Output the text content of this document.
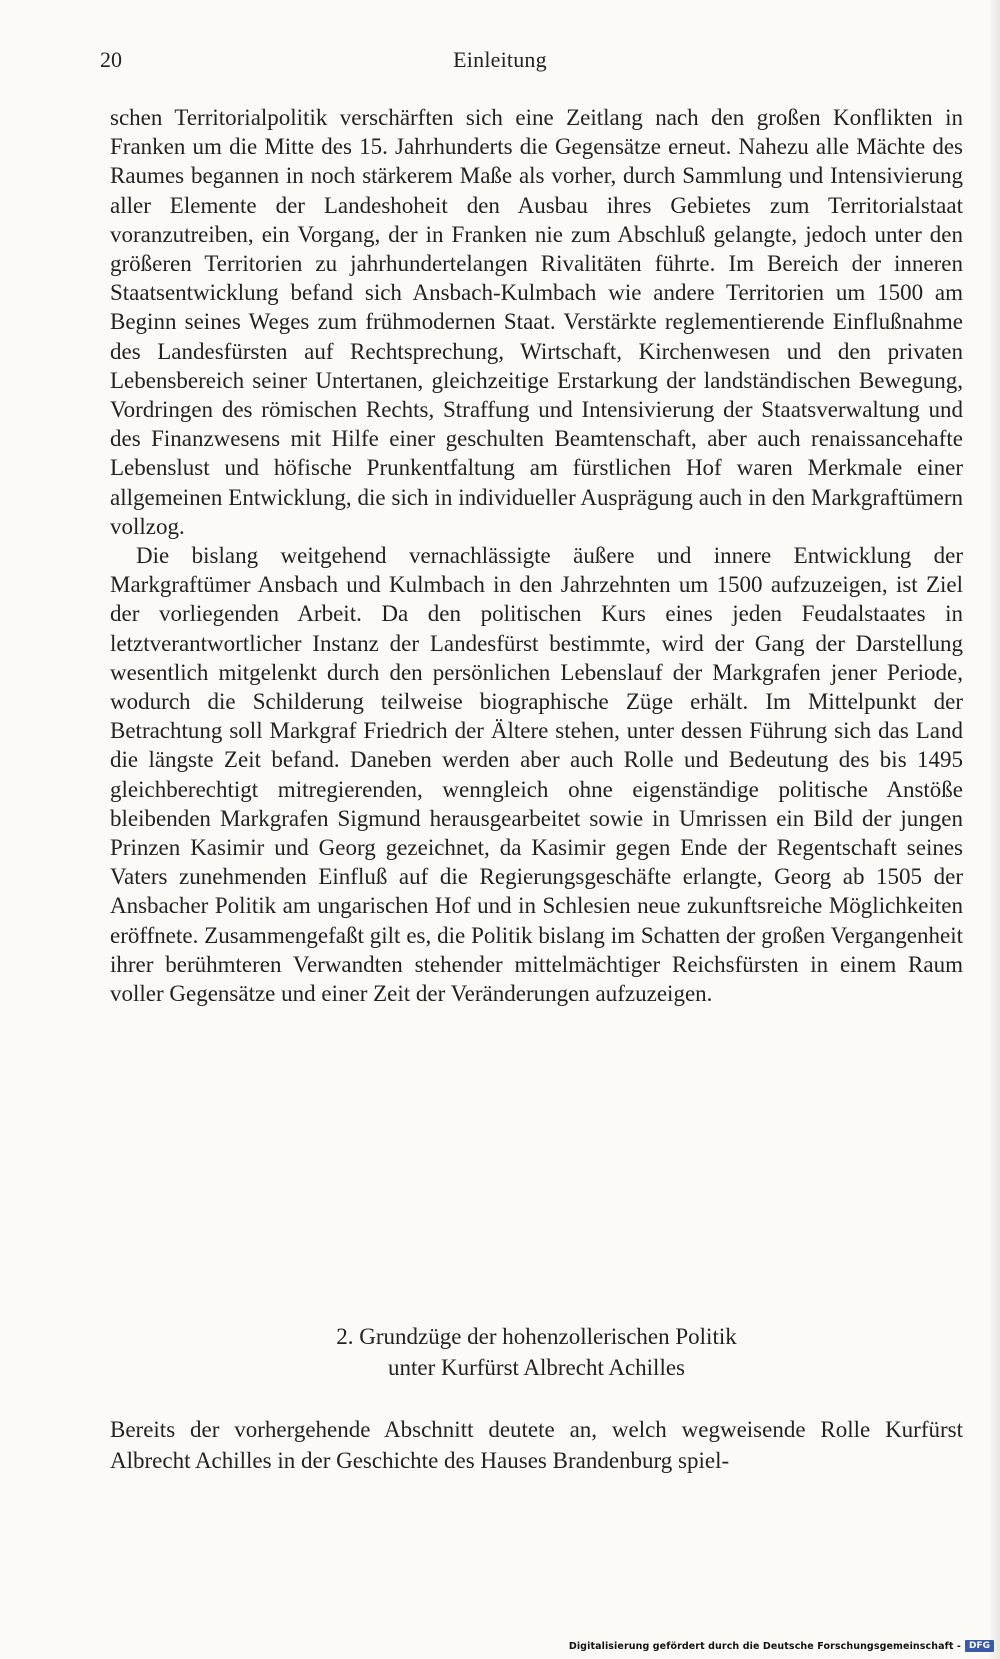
20	Einleitung

schen Territorialpolitik verschärften sich eine Zeitlang nach den großen Konflikten in Franken um die Mitte des 15. Jahrhunderts die Gegensätze erneut. Nahezu alle Mächte des Raumes begannen in noch stärkerem Maße als vorher, durch Sammlung und Intensivierung aller Elemente der Landeshoheit den Ausbau ihres Gebietes zum Territorialstaat voranzutreiben, ein Vorgang, der in Franken nie zum Abschluß gelangte, jedoch unter den größeren Territorien zu jahrhundertelangen Rivalitäten führte. Im Bereich der inneren Staatsentwicklung befand sich Ansbach-Kulmbach wie andere Territorien um 1500 am Beginn seines Weges zum frühmodernen Staat. Verstärkte reglementierende Einflußnahme des Landesfürsten auf Rechtsprechung, Wirtschaft, Kirchenwesen und den privaten Lebensbereich seiner Untertanen, gleichzeitige Erstarkung der landständischen Bewegung, Vordringen des römischen Rechts, Straffung und Intensivierung der Staatsverwaltung und des Finanzwesens mit Hilfe einer geschulten Beamtenschaft, aber auch renaissancehafte Lebenslust und höfische Prunkentfaltung am fürstlichen Hof waren Merkmale einer allgemeinen Entwicklung, die sich in individueller Ausprägung auch in den Markgraftümern vollzog.

Die bislang weitgehend vernachlässigte äußere und innere Entwicklung der Markgraftümer Ansbach und Kulmbach in den Jahrzehnten um 1500 aufzuzeigen, ist Ziel der vorliegenden Arbeit. Da den politischen Kurs eines jeden Feudalstaates in letztverantwortlicher Instanz der Landesfürst bestimmte, wird der Gang der Darstellung wesentlich mitgelenkt durch den persönlichen Lebenslauf der Markgrafen jener Periode, wodurch die Schilderung teilweise biographische Züge erhält. Im Mittelpunkt der Betrachtung soll Markgraf Friedrich der Ältere stehen, unter dessen Führung sich das Land die längste Zeit befand. Daneben werden aber auch Rolle und Bedeutung des bis 1495 gleichberechtigt mitregierenden, wenngleich ohne eigenständige politische Anstöße bleibenden Markgrafen Sigmund herausgearbeitet sowie in Umrissen ein Bild der jungen Prinzen Kasimir und Georg gezeichnet, da Kasimir gegen Ende der Regentschaft seines Vaters zunehmenden Einfluß auf die Regierungsgeschäfte erlangte, Georg ab 1505 der Ansbacher Politik am ungarischen Hof und in Schlesien neue zukunftsreiche Möglichkeiten eröffnete. Zusammengefaßt gilt es, die Politik bislang im Schatten der großen Vergangenheit ihrer berühmteren Verwandten stehender mittelmächtiger Reichsfürsten in einem Raum voller Gegensätze und einer Zeit der Veränderungen aufzuzeigen.

2. Grundzüge der hohenzollerischen Politik
unter Kurfürst Albrecht Achilles

Bereits der vorhergehende Abschnitt deutete an, welch wegweisende Rolle Kurfürst Albrecht Achilles in der Geschichte des Hauses Brandenburg spiel-

Digitalisierung gefördert durch die Deutsche Forschungsgemeinschaft - DFG
